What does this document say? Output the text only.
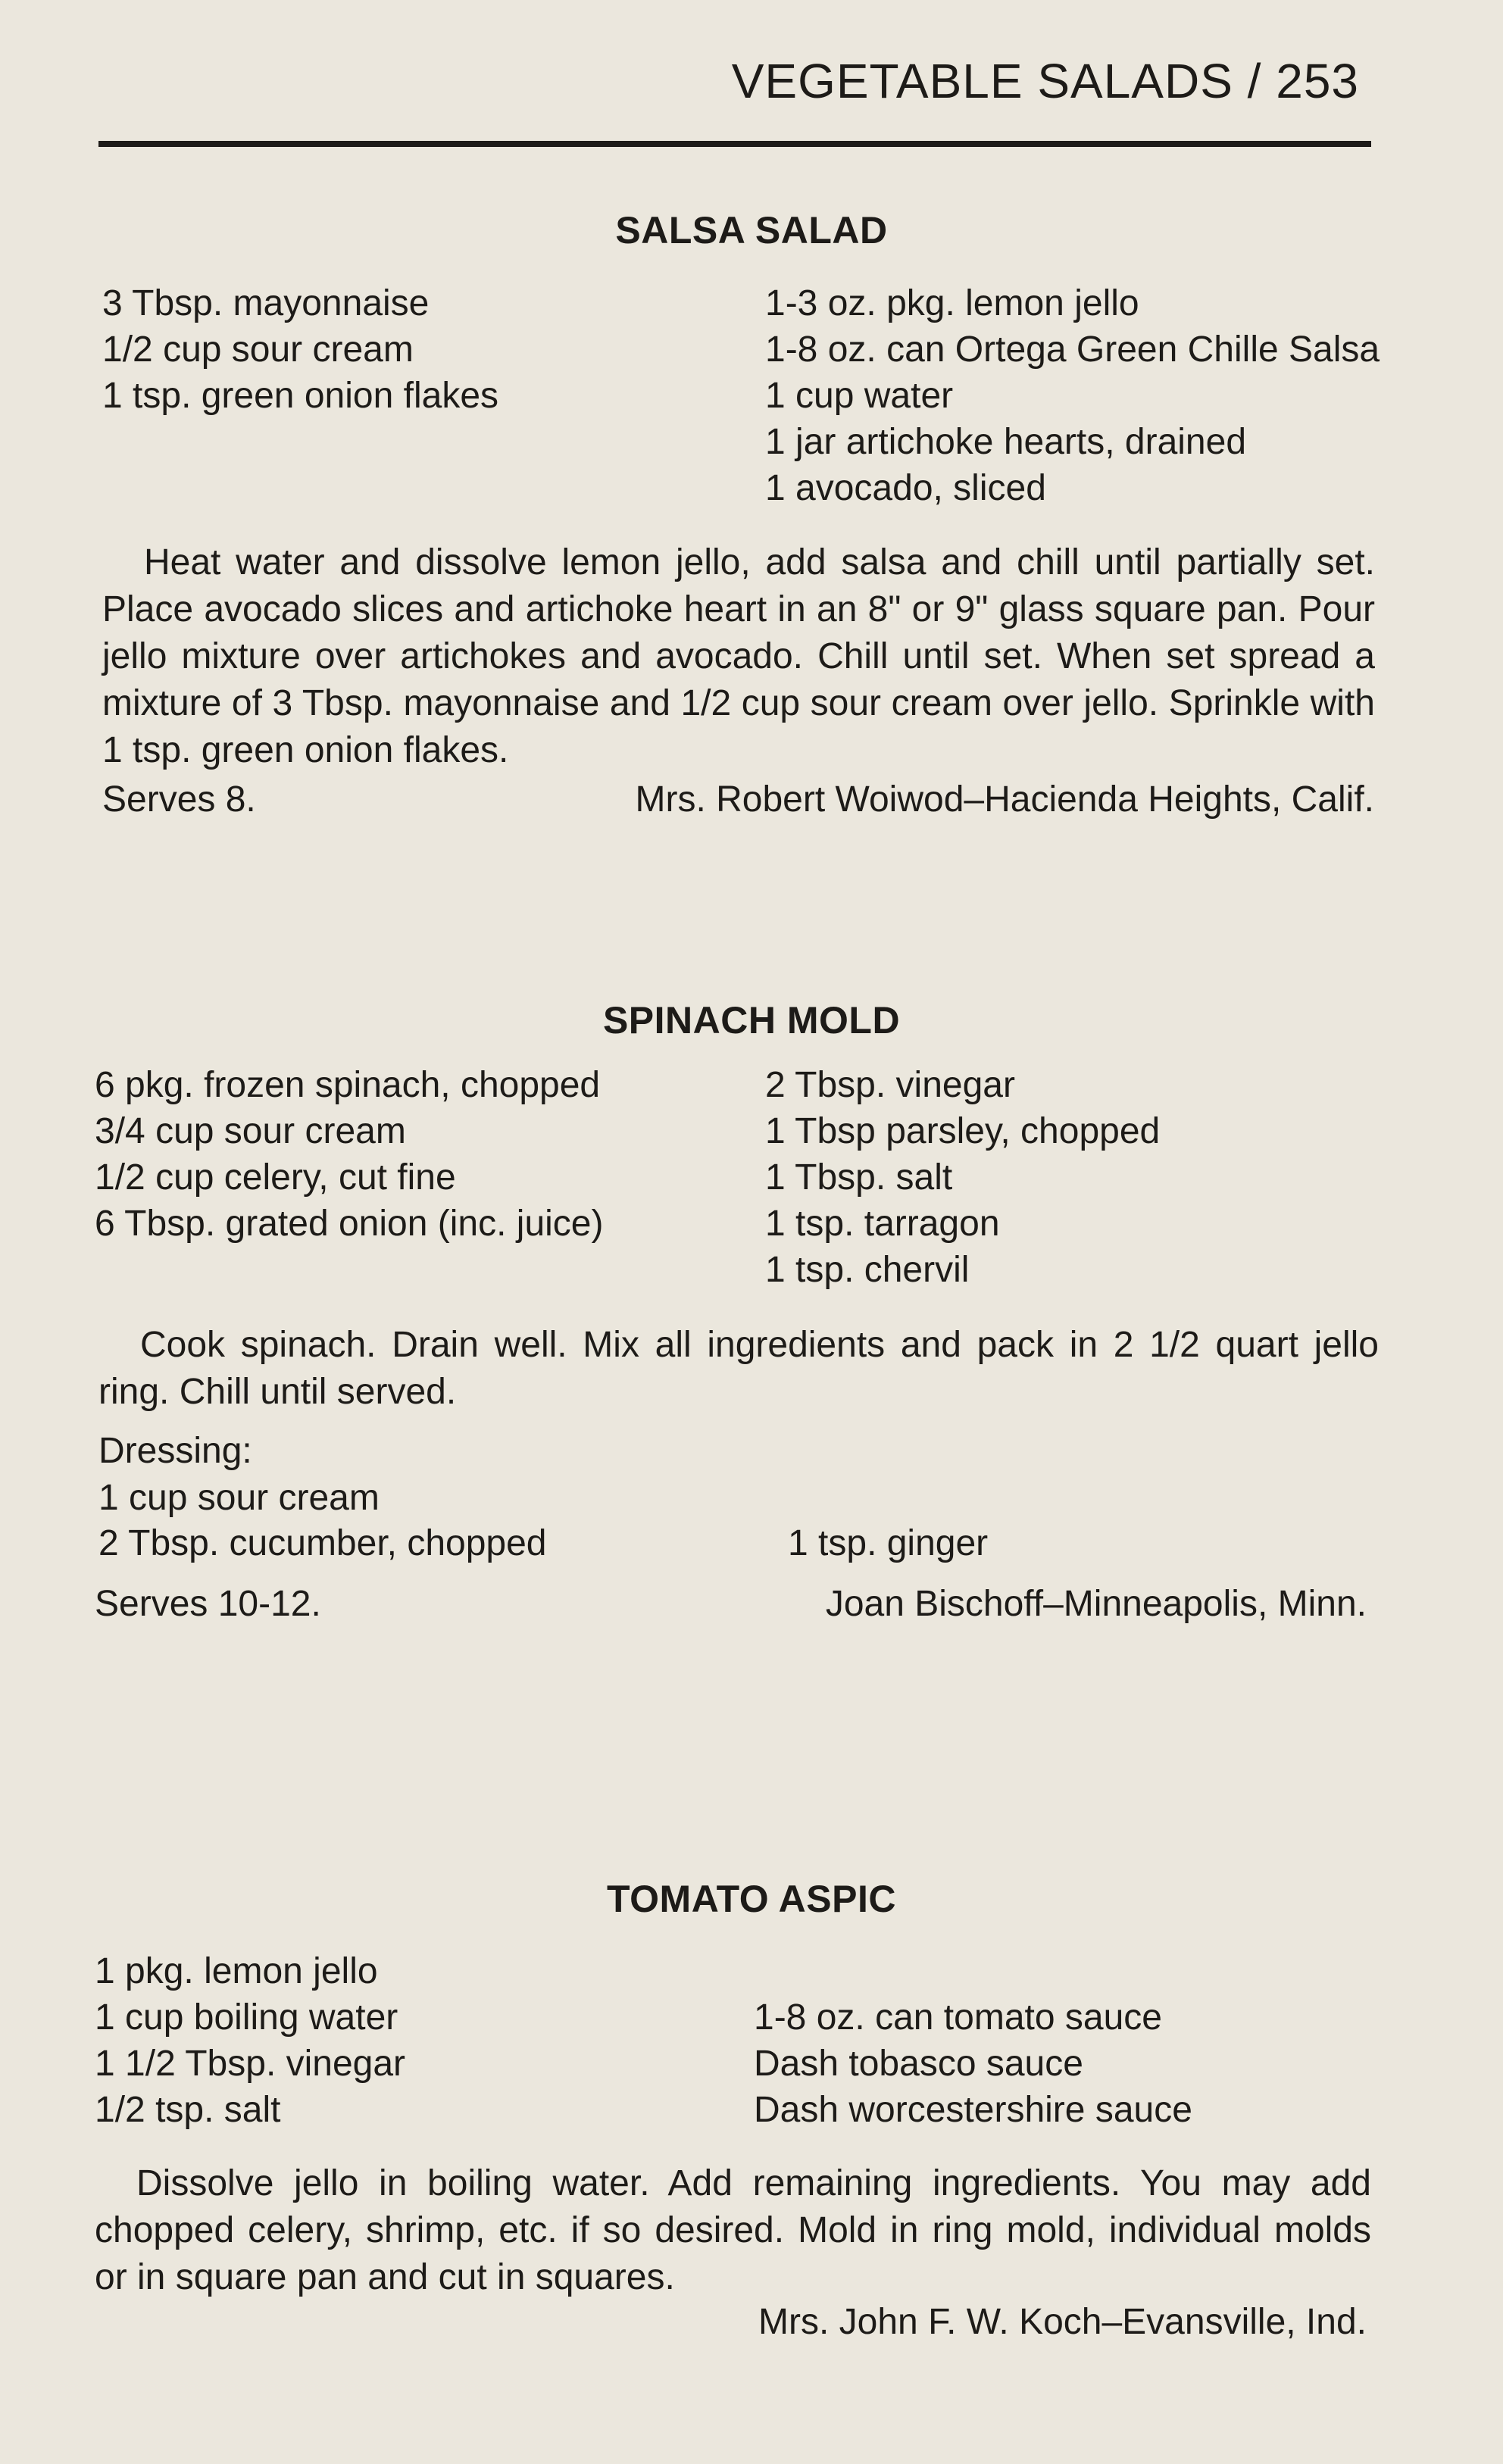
VEGETABLE SALADS / 253
SALSA SALAD
3 Tbsp. mayonnaise
1/2 cup sour cream
1 tsp. green onion flakes
1-3 oz. pkg. lemon jello
1-8 oz. can Ortega Green Chille Salsa
1 cup water
1 jar artichoke hearts, drained
1 avocado, sliced

Heat water and dissolve lemon jello, add salsa and chill until partially set. Place avocado slices and artichoke heart in an 8" or 9" glass square pan. Pour jello mixture over artichokes and avocado. Chill until set. When set spread a mixture of 3 Tbsp. mayonnaise and 1/2 cup sour cream over jello. Sprinkle with 1 tsp. green onion flakes.

Serves 8.	Mrs. Robert Woiwod–Hacienda Heights, Calif.
SPINACH MOLD
6 pkg. frozen spinach, chopped
3/4 cup sour cream
1/2 cup celery, cut fine
6 Tbsp. grated onion (inc. juice)
2 Tbsp. vinegar
1 Tbsp parsley, chopped
1 Tbsp. salt
1 tsp. tarragon
1 tsp. chervil

Cook spinach. Drain well. Mix all ingredients and pack in 2 1/2 quart jello ring. Chill until served.

Dressing:
1 cup sour cream
2 Tbsp. cucumber, chopped	1 tsp. ginger
Serves 10-12.	Joan Bischoff–Minneapolis, Minn.
TOMATO ASPIC
1 pkg. lemon jello
1 cup boiling water
1 1/2 Tbsp. vinegar
1/2 tsp. salt
1-8 oz. can tomato sauce
Dash tobasco sauce
Dash worcestershire sauce

Dissolve jello in boiling water. Add remaining ingredients. You may add chopped celery, shrimp, etc. if so desired. Mold in ring mold, individual molds or in square pan and cut in squares.

Mrs. John F. W. Koch–Evansville, Ind.
